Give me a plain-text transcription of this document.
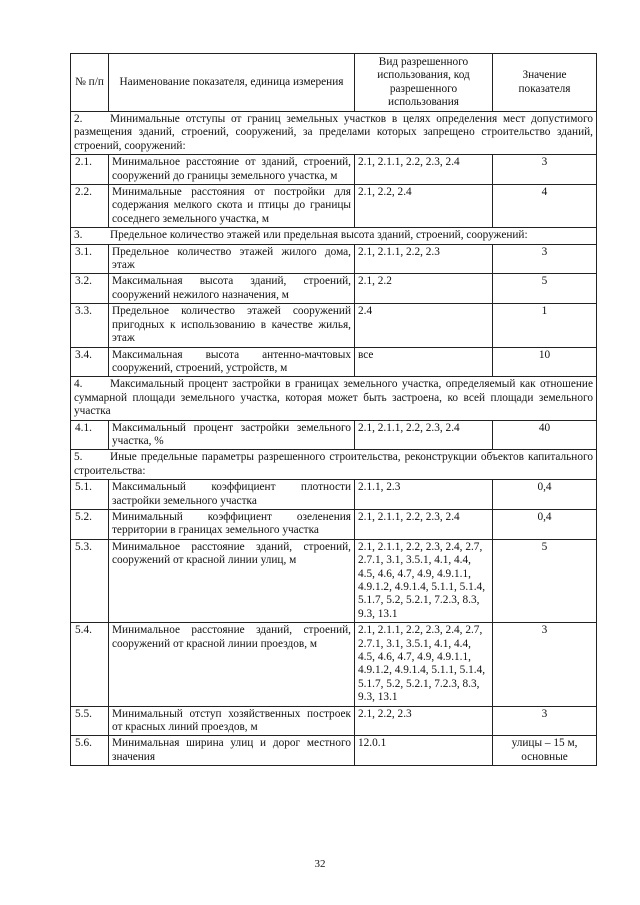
№ п/п	Наименование показателя, единица измерения	Вид разрешенного использования, код разрешенного использования	Значение показателя
2. Минимальные отступы от границ земельных участков в целях определения мест допустимого размещения зданий, строений, сооружений, за пределами которых запрещено строительство зданий, строений, сооружений:			
2.1.	Минимальное расстояние от зданий, строений, сооружений до границы земельного участка, м	2.1, 2.1.1, 2.2, 2.3, 2.4	3
2.2.	Минимальные расстояния от постройки для содержания мелкого скота и птицы до границы соседнего земельного участка, м	2.1, 2.2, 2.4	4
3. Предельное количество этажей или предельная высота зданий, строений, сооружений:			
3.1.	Предельное количество этажей жилого дома, этаж	2.1, 2.1.1, 2.2, 2.3	3
3.2.	Максимальная высота зданий, строений, сооружений нежилого назначения, м	2.1, 2.2	5
3.3.	Предельное количество этажей сооружений пригодных к использованию в качестве жилья, этаж	2.4	1
3.4.	Максимальная высота антенно-мачтовых сооружений, строений, устройств, м	все	10
4. Максимальный процент застройки в границах земельного участка, определяемый как отношение суммарной площади земельного участка, которая может быть застроена, ко всей площади земельного участка			
4.1.	Максимальный процент застройки земельного участка, %	2.1, 2.1.1, 2.2, 2.3, 2.4	40
5. Иные предельные параметры разрешенного строительства, реконструкции объектов капитального строительства:			
5.1.	Максимальный коэффициент плотности застройки земельного участка	2.1.1, 2.3	0,4
5.2.	Минимальный коэффициент озеленения территории в границах земельного участка	2.1, 2.1.1, 2.2, 2.3, 2.4	0,4
5.3.	Минимальное расстояние зданий, строений, сооружений от красной линии улиц, м	2.1, 2.1.1, 2.2, 2.3, 2.4, 2.7, 2.7.1, 3.1, 3.5.1, 4.1, 4.4, 4.5, 4.6, 4.7, 4.9, 4.9.1.1, 4.9.1.2, 4.9.1.4, 5.1.1, 5.1.4, 5.1.7, 5.2, 5.2.1, 7.2.3, 8.3, 9.3, 13.1	5
5.4.	Минимальное расстояние зданий, строений, сооружений от красной линии проездов, м	2.1, 2.1.1, 2.2, 2.3, 2.4, 2.7, 2.7.1, 3.1, 3.5.1, 4.1, 4.4, 4.5, 4.6, 4.7, 4.9, 4.9.1.1, 4.9.1.2, 4.9.1.4, 5.1.1, 5.1.4, 5.1.7, 5.2, 5.2.1, 7.2.3, 8.3, 9.3, 13.1	3
5.5.	Минимальный отступ хозяйственных построек от красных линий проездов, м	2.1, 2.2, 2.3	3
5.6.	Минимальная ширина улиц и дорог местного значения	12.0.1	улицы – 15 м, основные
32
